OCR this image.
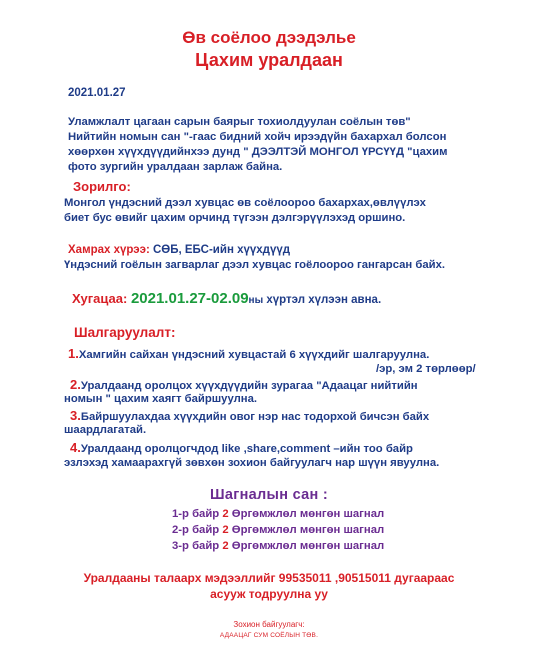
Өв соёлоо дээдэлье
Цахим уралдаан
2021.01.27
Уламжлалт цагаан сарын баярыг тохиолдуулан соёлын төв"
Нийтийн номын сан "-гаас бидний хойч ирээдүйн бахархал болсон
хөөрхөн хүүхдүүдийнхээ дунд " ДЭЭЛТЭЙ МОНГОЛ ҮРСҮҮД "цахим
фото зургийн уралдаан зарлаж байна.
Зорилго:
Монгол үндэсний дээл хувцас өв соёлоороо бахархах,өвлүүлэх
биет бус өвийг цахим орчинд түгээн дэлгэрүүлэхэд оршино.
Хамрах хүрээ: СӨБ, ЕБС-ийн хүүхдүүд
Үндэсний гоёлын загварлаг дээл хувцас гоёлоороо гангарсан байх.
Хугацаа: 2021.01.27-02.09ны хүртэл хүлээн авна.
Шалгаруулалт:
1.Хамгийн сайхан үндэсний хувцастай 6 хүүхдийг шалгаруулна.
/эр, эм 2 төрлөөр/
2.Уралдаанд оролцох хүүхдүүдийн зурагаа "Адаацаг нийтийн
номын " цахим хаягт байршуулна.
3.Байршуулахдаа хүүхдийн овог нэр нас тодорхой бичсэн байх
шаардлагатай.
4.Уралдаанд оролцогчдод like ,share,comment –ийн тоо байр
эзлэхэд хамаарахгүй зөвхөн зохион байгуулагч нар шүүн явуулна.
Шагналын сан :
1-р байр 2 Өргөмжлөл мөнгөн шагнал
2-р байр 2 Өргөмжлөл мөнгөн шагнал
3-р байр 2 Өргөмжлөл мөнгөн шагнал
Уралдааны талаарх мэдээллийг 99535011 ,90515011 дугаараас
асууж тодруулна уу
Зохион байгуулагч:
АДААЦАГ СУМ СОЁЛЫН ТӨВ.
